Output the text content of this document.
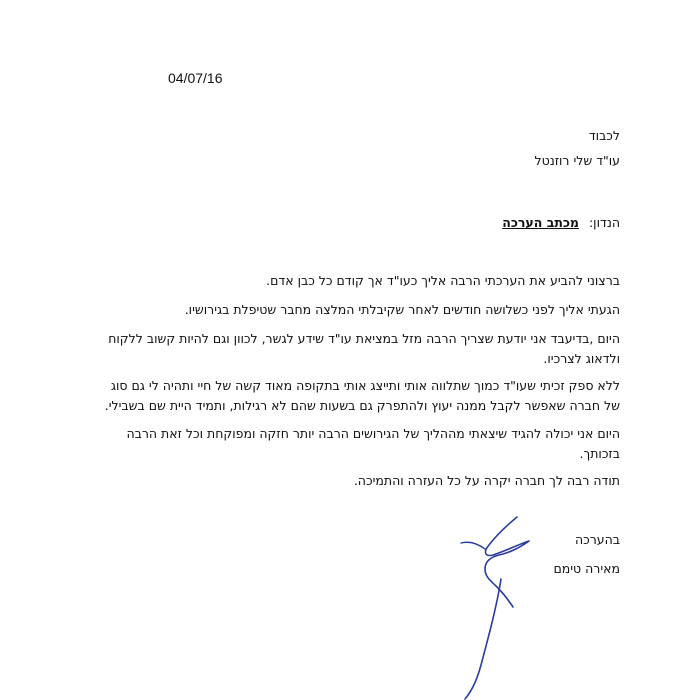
04/07/16
לכבוד
עו"ד שלי רוזנטל
הנדון: מכתב הערכה
ברצוני להביע את הערכתי הרבה אליך כעו"ד אך קודם כל כבן אדם.
הגעתי אליך לפני כשלושה חודשים לאחר שקיבלתי המלצה מחבר שטיפלת בגירושיו.
היום ,בדיעבד אני יודעת שצריך הרבה מזל במציאת עו"ד שידע לגשר, לכוון וגם להיות קשוב ללקוח
ולדאוג לצרכיו.
ללא ספק זכיתי שעו"ד כמוך שתלווה אותי ותייצג אותי בתקופה מאוד קשה של חיי ותהיה לי גם סוג
של חברה שאפשר לקבל ממנה יעוץ ולהתפרק גם בשעות שהם לא רגילות, ותמיד היית שם בשבילי.
היום אני יכולה להגיד שיצאתי מההליך של הגירושים הרבה יותר חזקה ומפוקחת וכל זאת הרבה
בזכותך.
תודה רבה לך חברה יקרה על כל העזרה והתמיכה.
בהערכה
מאירה טימם
